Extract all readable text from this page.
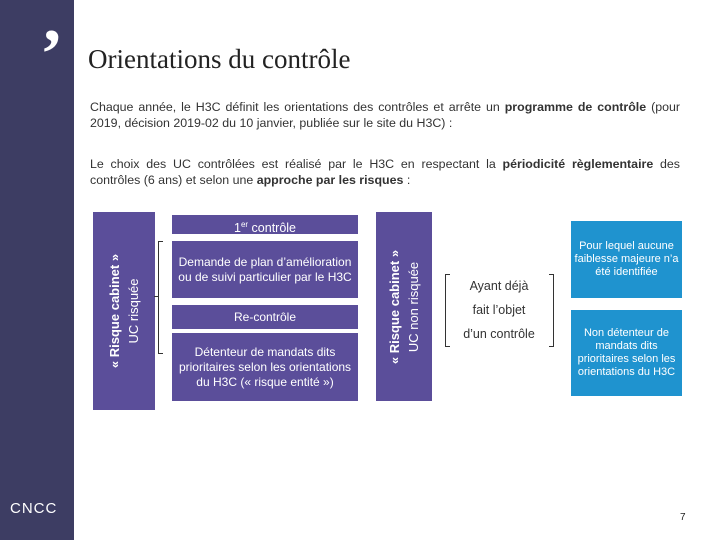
’
CNCC
Orientations du contrôle
Chaque année, le H3C définit les orientations des contrôles et arrête un programme de contrôle (pour 2019, décision 2019-02 du 10 janvier, publiée sur le site du H3C) :
Le choix des UC contrôlées est réalisé par le H3C en respectant la périodicité règlementaire des contrôles (6 ans) et selon une approche par les risques :
« Risque cabinet » UC risquée
1er contrôle
Demande de plan d’amélioration ou de suivi particulier par le H3C
Re-contrôle
Détenteur de mandats dits prioritaires selon les orientations du H3C (« risque entité »)
« Risque cabinet » UC non risquée	Ayant déjà
fait l’objet
d’un contrôle
Pour lequel aucune faiblesse majeure n’a été identifiée
Non détenteur de mandats dits prioritaires selon les orientations du H3C
7
